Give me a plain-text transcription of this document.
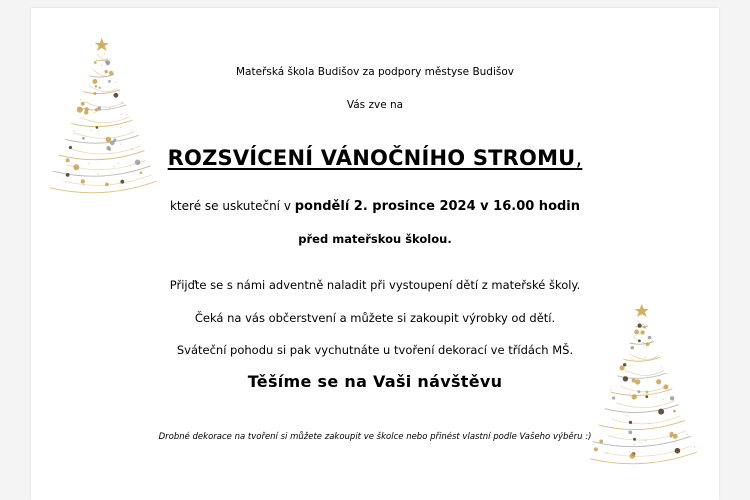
Mateřská škola Budišov za podpory městyse Budišov
Vás zve na
ROZSVÍCENÍ VÁNOČNÍHO STROMU,
které se uskuteční v pondělí 2. prosince 2024 v 16.00 hodin
před mateřskou školou.
Přijďte se s námi adventně naladit při vystoupení dětí z mateřské školy.
Čeká na vás občerstvení a můžete si zakoupit výrobky od dětí.
Sváteční pohodu si pak vychutnáte u tvoření dekorací ve třídách MŠ.
Těšíme se na Vaši návštěvu
Drobné dekorace na tvoření si můžete zakoupit ve školce nebo přinést vlastní podle Vašeho výběru :)
